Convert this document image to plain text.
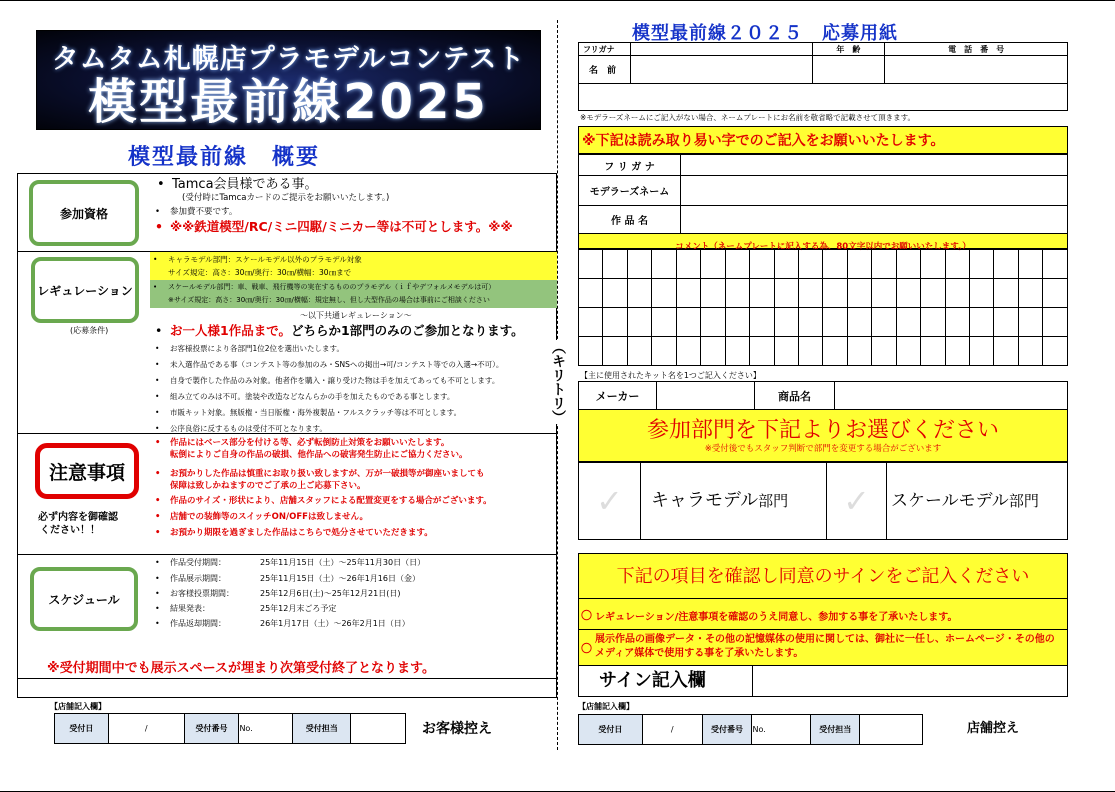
タムタム札幌店プラモデルコンテスト
模型最前線2025
模型最前線　概要
参加資格
• Tamca会員様である事。
(受付時にTamcaカードのご提示をお願いいたします。)
• 参加費不要です。
• ※※鉄道模型/RC/ミニ四駆/ミニカー等は不可とします。※※
レギュレーション
(応募条件)
• キャラモデル部門：スケールモデル以外のプラモデル対象
サイズ規定：高さ：30㎝/奥行：30㎝/横幅：30㎝まで
• スケールモデル部門：車、戦車、飛行機等の実在するもののプラモデル（ｉｆやデフォルメモデルは可）
※サイズ規定：高さ：30㎝/奥行：30㎝/横幅：規定無し、但し大型作品の場合は事前にご相談ください
〜以下共通レギュレーション〜
• お一人様1作品まで。どちらか1部門のみのご参加となります。
• お客様投票により各部門1位2位を選出いたします。
• 未入選作品である事（コンテスト等の参加のみ・SNSへの掲出→可/コンテスト等での入選→不可）。
• 自身で製作した作品のみ対象。他者作を購入・譲り受けた物は手を加えてあっても不可とします。
• 組み立てのみは不可。塗装や改造などなんらかの手を加えたものである事とします。
• 市販キット対象。無版権・当日版権・海外複製品・フルスクラッチ等は不可とします。
• 公序良俗に反するものは受付不可となります。
注意事項
必ず内容を御確認
ください！！
• 作品にはベース部分を付ける等、必ず転倒防止対策をお願いいたします。
転倒によりご自身の作品の破損、他作品への破害発生防止にご協力ください。
• お預かりした作品は慎重にお取り扱い致しますが、万が一破損等が御座いましても
保障は致しかねますのでご了承の上ご応募下さい。
• 作品のサイズ・形状により、店舗スタッフによる配置変更をする場合がございます。
• 店舗での装飾等のスイッチON/OFFは致しません。
• お預かり期限を過ぎました作品はこちらで処分させていただきます。
スケジュール
• 作品受付期間：	25年11月15日（土）〜25年11月30日（日）
• 作品展示期間：	25年11月15日（土）〜26年1月16日（金）
• お客様投票期間：	25年12月6日(土)〜25年12月21日(日)
• 結果発表：	25年12月末ごろ予定
• 作品返却期間：	26年1月17日（土）〜26年2月1日（日）
※受付期間中でも展示スペースが埋まり次第受付終了となります。
【店舗記入欄】
受付日	/	受付番号	No.	受付担当		お客様控え
（キリトリ）
模型最前線２０２５　応募用紙
フリガナ		年　齢	電　話　番　号
名　前			

※モデラーズネームにご記入がない場合、ネームプレートにお名前を敬省略で記載させて頂きます。
※下記は読み取り易い字でのご記入をお願いいたします。
フ リ ガ ナ	
モデラーズネーム	
作 品 名	
コメント（ネームプレートに記入する為、80文字以内でお願いいたします。）

【主に使用されたキット名を1つご記入ください】
メーカー		商品名	
参加部門を下記よりお選びください
※受付後でもスタッフ判断で部門を変更する場合がございます
✓	キャラモデル部門	✓	スケールモデル部門
下記の項目を確認し同意のサインをご記入ください
〇 レギュレーション/注意事項を確認のうえ同意し、参加する事を了承いたします。
〇
展示作品の画像データ・その他の記憶媒体の使用に関しては、御社に一任し、ホームページ・その他のメディア媒体で使用する事を了承いたします。
サイン記入欄
【店舗記入欄】
受付日	/	受付番号	No.	受付担当		店舗控え
